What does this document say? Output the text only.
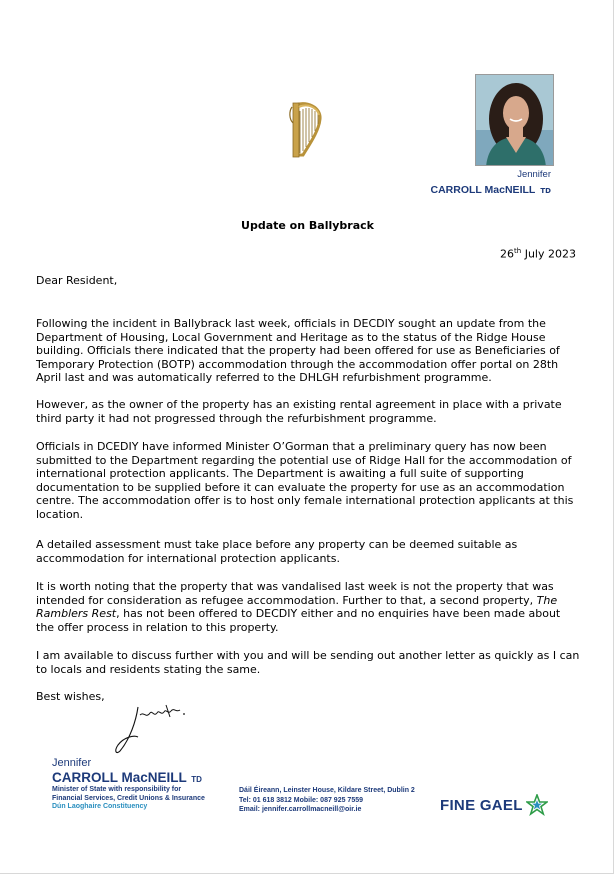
Jennifer
CARROLL MacNEILL TD
Update on Ballybrack
26th July 2023

Dear Resident,

Following the incident in Ballybrack last week, officials in DECDIY sought an update from the Department of Housing, Local Government and Heritage as to the status of the Ridge House building. Officials there indicated that the property had been offered for use as Beneficiaries of Temporary Protection (BOTP) accommodation through the accommodation offer portal on 28th April last and was automatically referred to the DHLGH refurbishment programme.

However, as the owner of the property has an existing rental agreement in place with a private third party it had not progressed through the refurbishment programme.

Officials in DCEDIY have informed Minister O’Gorman that a preliminary query has now been submitted to the Department regarding the potential use of Ridge Hall for the accommodation of international protection applicants. The Department is awaiting a full suite of supporting documentation to be supplied before it can evaluate the property for use as an accommodation centre. The accommodation offer is to host only female international protection applicants at this location.

A detailed assessment must take place before any property can be deemed suitable as accommodation for international protection applicants.

It is worth noting that the property that was vandalised last week is not the property that was intended for consideration as refugee accommodation. Further to that, a second property, The Ramblers Rest, has not been offered to DECDIY either and no enquiries have been made about the offer process in relation to this property.

I am available to discuss further with you and will be sending out another letter as quickly as I can to locals and residents stating the same.

Best wishes,

Jennifer
CARROLL MacNEILL TD
Minister of State with responsibility for
Financial Services, Credit Unions & Insurance
Dún Laoghaire Constituency
Dáil Éireann, Leinster House, Kildare Street, Dublin 2
Tel: 01 618 3812 Mobile: 087 925 7559
Email: jennifer.carrollmacneill@oir.ie	FINE GAEL
